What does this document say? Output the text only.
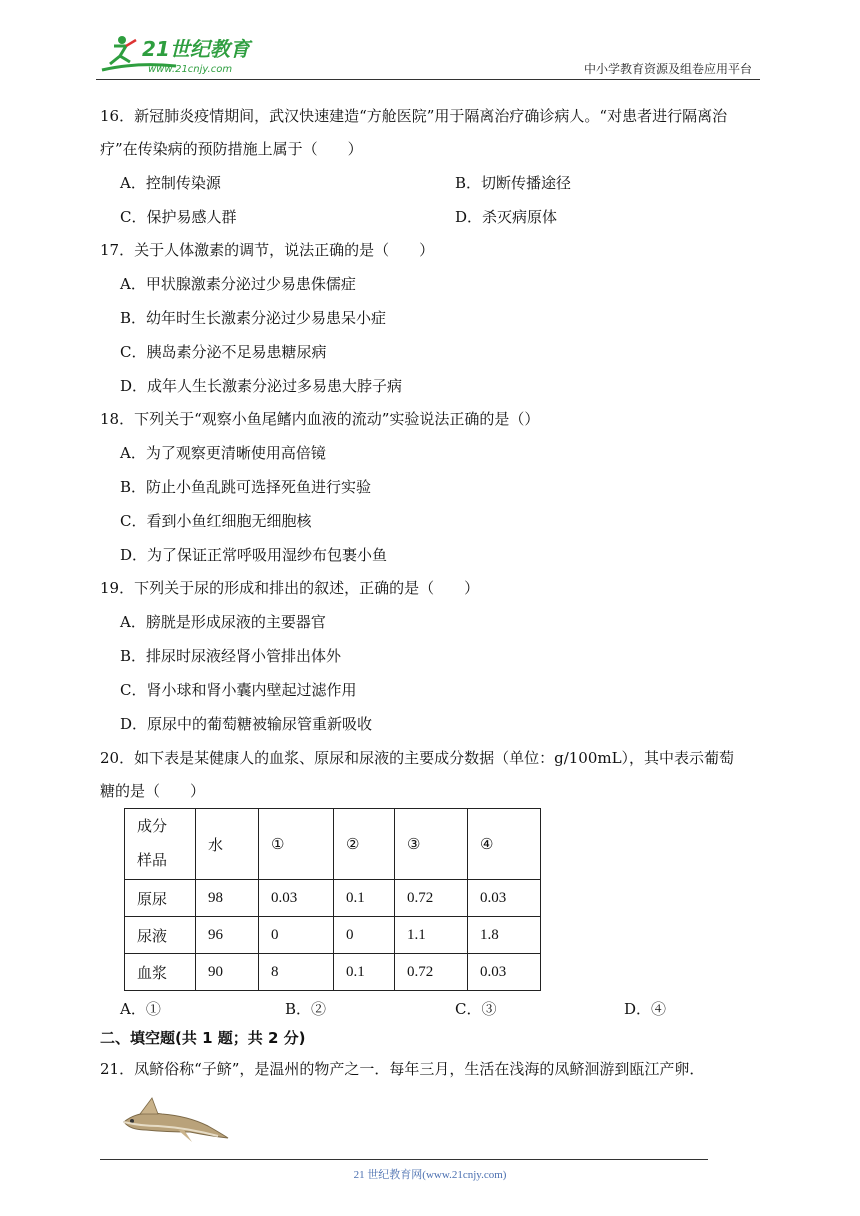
21世纪教育
www.21cnjy.com	中小学教育资源及组卷应用平台
16．新冠肺炎疫情期间，武汉快速建造“方舱医院”用于隔离治疗确诊病人。“对患者进行隔离治
疗”在传染病的预防措施上属于（　　）
A．控制传染源	B．切断传播途径
C．保护易感人群	D．杀灭病原体
17．关于人体激素的调节，说法正确的是（　　）
A．甲状腺激素分泌过少易患侏儒症
B．幼年时生长激素分泌过少易患呆小症
C．胰岛素分泌不足易患糖尿病
D．成年人生长激素分泌过多易患大脖子病
18．下列关于“观察小鱼尾鳍内血液的流动”实验说法正确的是（）
A．为了观察更清晰使用高倍镜
B．防止小鱼乱跳可选择死鱼进行实验
C．看到小鱼红细胞无细胞核
D．为了保证正常呼吸用湿纱布包裹小鱼
19．下列关于尿的形成和排出的叙述，正确的是（　　）
A．膀胱是形成尿液的主要器官
B．排尿时尿液经肾小管排出体外
C．肾小球和肾小囊内壁起过滤作用
D．原尿中的葡萄糖被输尿管重新吸收
20．如下表是某健康人的血浆、原尿和尿液的主要成分数据（单位：g/100mL），其中表示葡萄
糖的是（　　）
成分
样品	水	①	②	③	④
原尿	98	0.03	0.1	0.72	0.03
尿液	96	0	0	1.1	1.8
血浆	90	8	0.1	0.72	0.03
A．①	B．②	C．③	D．④
二、填空题(共 1 题；共 2 分)
21．凤鲚俗称“子鲚”，是温州的物产之一．每年三月，生活在浅海的凤鲚洄游到瓯江产卵．
21 世纪教育网(www.21cnjy.com)
